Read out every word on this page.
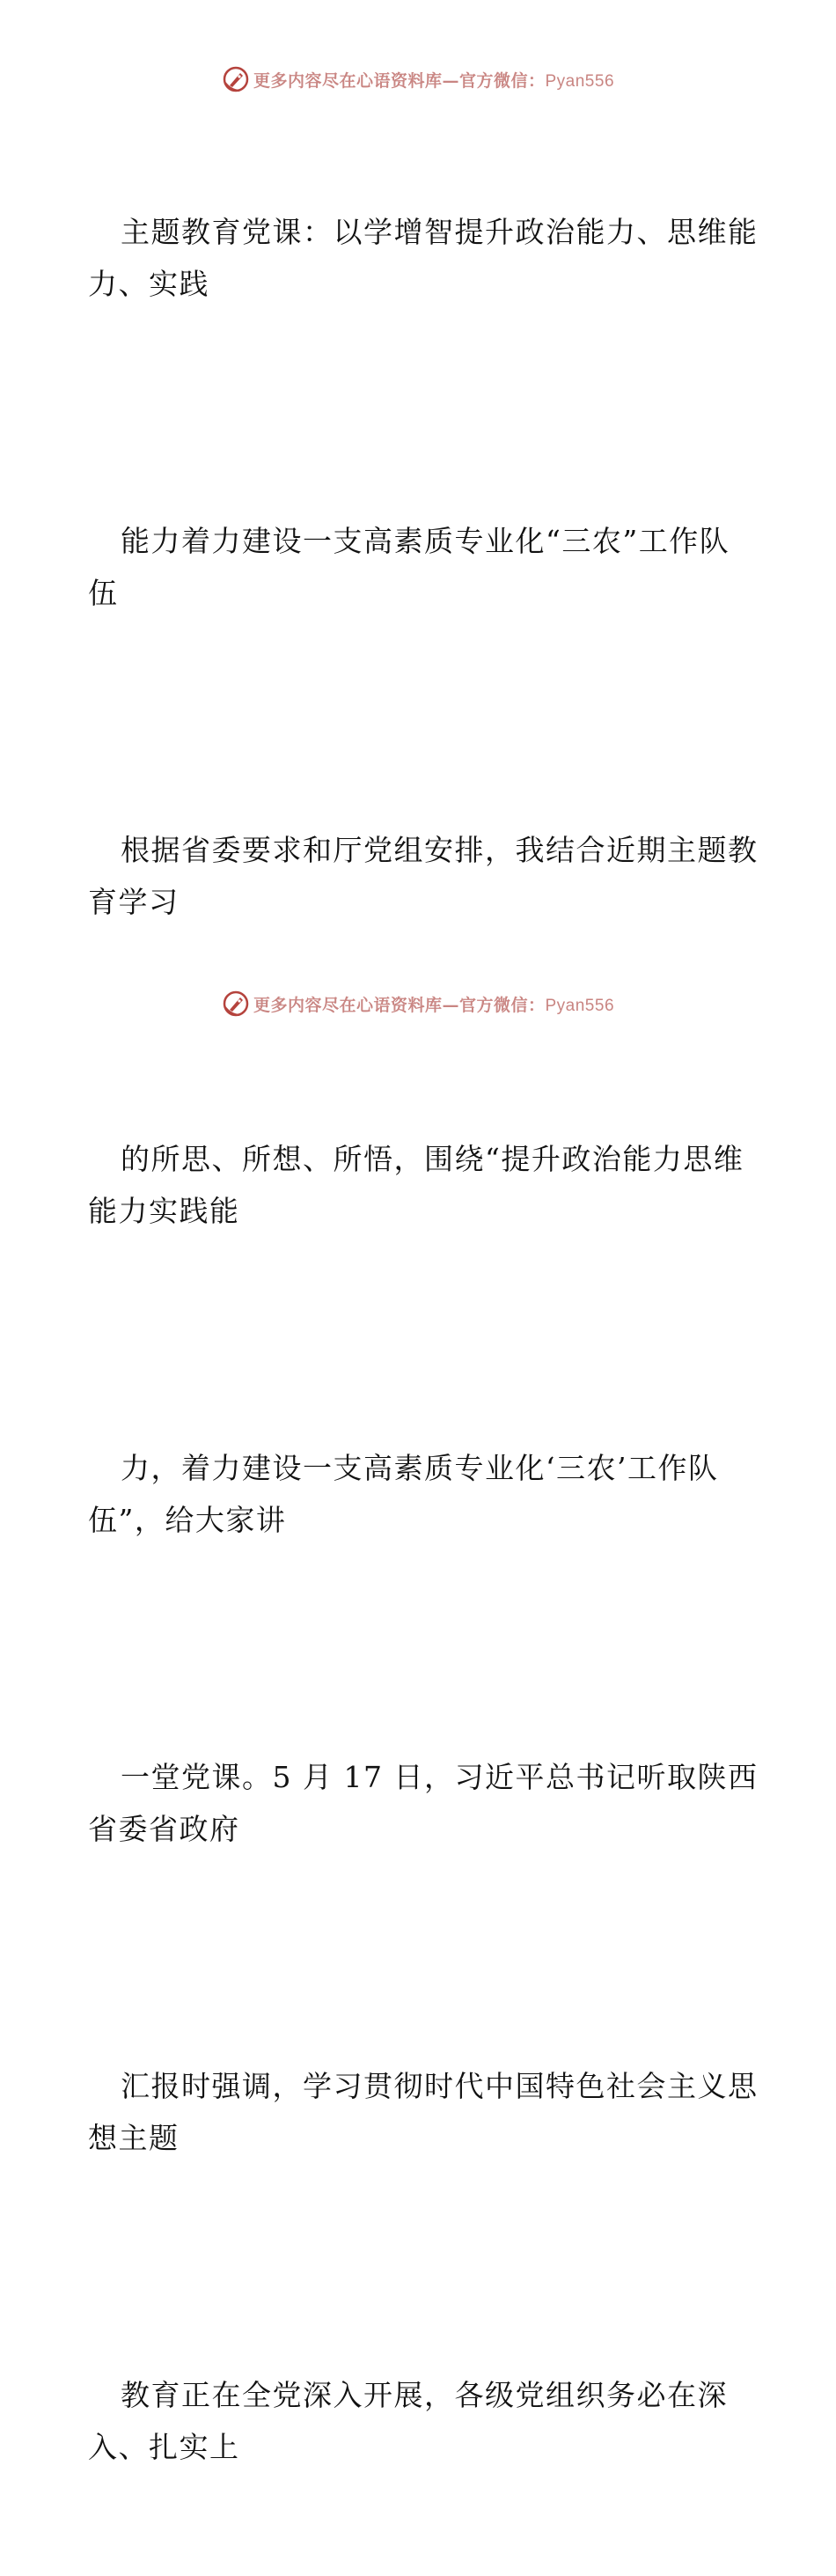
更多内容尽在心语资料库—官方微信：Pyan556

主题教育党课：以学增智提升政治能力、思维能
力、实践

能力着力建设一支高素质专业化“三农”工作队
伍

根据省委要求和厅党组安排，我结合近期主题教
育学习

的所思、所想、所悟，围绕“提升政治能力思维
能力实践能

力，着力建设一支高素质专业化‘三农’工作队
伍”，给大家讲

一堂党课。5 月 17 日，习近平总书记听取陕西
省委省政府

汇报时强调，学习贯彻时代中国特色社会主义思
想主题

教育正在全党深入开展，各级党组织务必在深
入、扎实上

更多内容尽在心语资料库—官方微信：Pyan556
